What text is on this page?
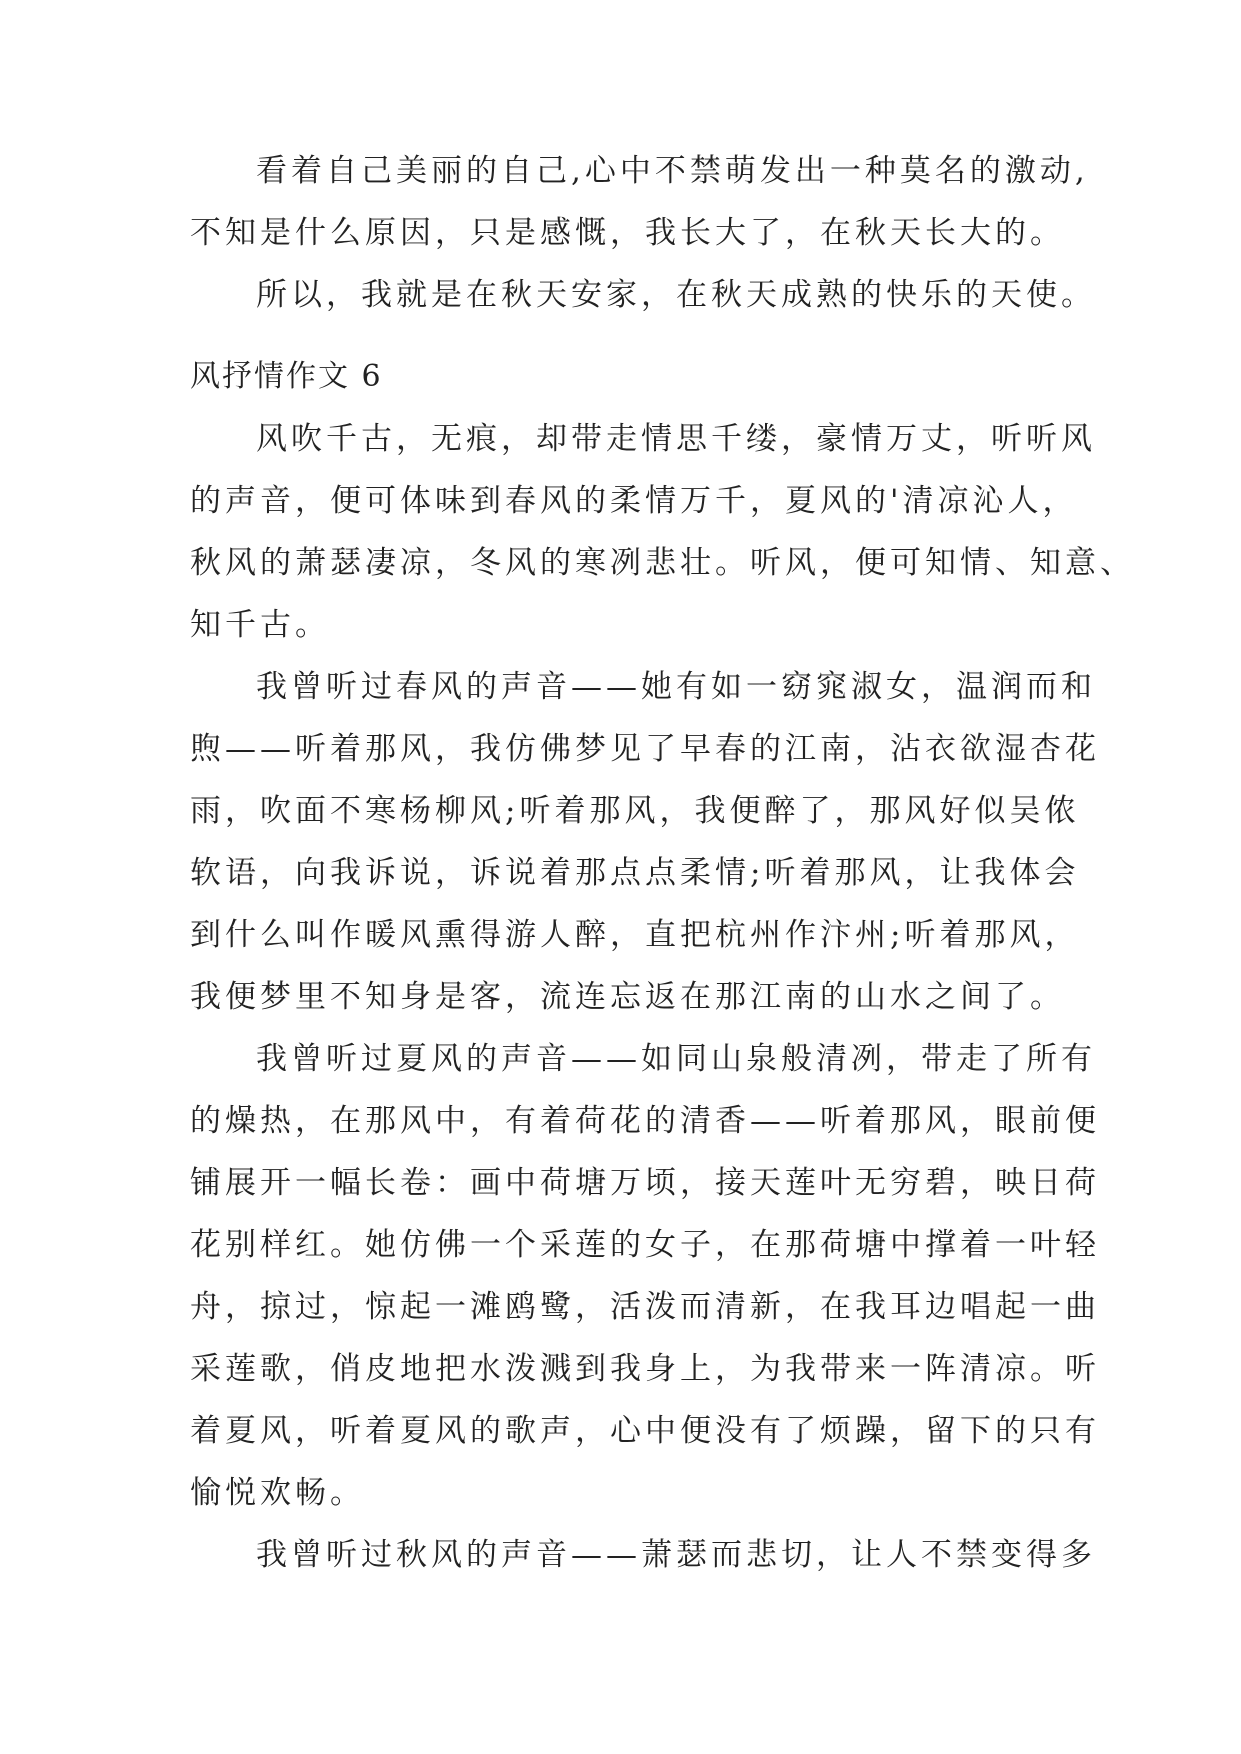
看着自己美丽的自己,心中不禁萌发出一种莫名的激动,
不知是什么原因，只是感慨，我长大了，在秋天长大的。
所以，我就是在秋天安家，在秋天成熟的快乐的天使。
风抒情作文 6
风吹千古，无痕，却带走情思千缕，豪情万丈，听听风
的声音，便可体味到春风的柔情万千，夏风的'清凉沁人，
秋风的萧瑟凄凉，冬风的寒冽悲壮。听风，便可知情、知意、
知千古。
我曾听过春风的声音——她有如一窈窕淑女，温润而和
煦——听着那风，我仿佛梦见了早春的江南，沾衣欲湿杏花
雨，吹面不寒杨柳风;听着那风，我便醉了，那风好似吴侬
软语，向我诉说，诉说着那点点柔情;听着那风，让我体会
到什么叫作暖风熏得游人醉，直把杭州作汴州;听着那风，
我便梦里不知身是客，流连忘返在那江南的山水之间了。
我曾听过夏风的声音——如同山泉般清冽，带走了所有
的燥热，在那风中，有着荷花的清香——听着那风，眼前便
铺展开一幅长卷：画中荷塘万顷，接天莲叶无穷碧，映日荷
花别样红。她仿佛一个采莲的女子，在那荷塘中撑着一叶轻
舟，掠过，惊起一滩鸥鹭，活泼而清新，在我耳边唱起一曲
采莲歌，俏皮地把水泼溅到我身上，为我带来一阵清凉。听
着夏风，听着夏风的歌声，心中便没有了烦躁，留下的只有
愉悦欢畅。
我曾听过秋风的声音——萧瑟而悲切，让人不禁变得多
